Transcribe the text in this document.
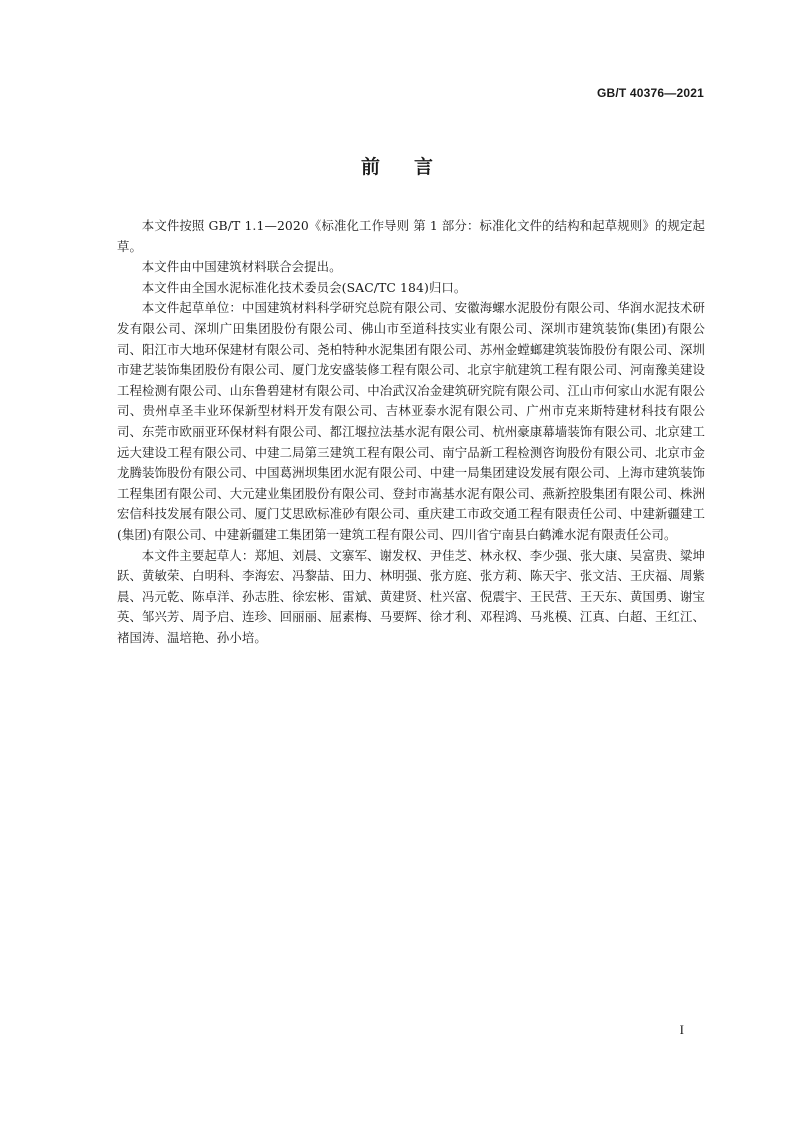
GB/T 40376—2021
前言

本文件按照 GB/T 1.1—2020《标准化工作导则 第 1 部分：标准化文件的结构和起草规则》的规定起草。

本文件由中国建筑材料联合会提出。

本文件由全国水泥标准化技术委员会(SAC/TC 184)归口。

本文件起草单位：中国建筑材料科学研究总院有限公司、安徽海螺水泥股份有限公司、华润水泥技术研发有限公司、深圳广田集团股份有限公司、佛山市至道科技实业有限公司、深圳市建筑装饰(集团)有限公司、阳江市大地环保建材有限公司、尧柏特种水泥集团有限公司、苏州金螳螂建筑装饰股份有限公司、深圳市建艺装饰集团股份有限公司、厦门龙安盛装修工程有限公司、北京宇航建筑工程有限公司、河南豫美建设工程检测有限公司、山东鲁碧建材有限公司、中冶武汉冶金建筑研究院有限公司、江山市何家山水泥有限公司、贵州卓圣丰业环保新型材料开发有限公司、吉林亚泰水泥有限公司、广州市克来斯特建材科技有限公司、东莞市欧丽亚环保材料有限公司、都江堰拉法基水泥有限公司、杭州豪康幕墙装饰有限公司、北京建工远大建设工程有限公司、中建二局第三建筑工程有限公司、南宁品新工程检测咨询股份有限公司、北京市金龙腾装饰股份有限公司、中国葛洲坝集团水泥有限公司、中建一局集团建设发展有限公司、上海市建筑装饰工程集团有限公司、大元建业集团股份有限公司、登封市嵩基水泥有限公司、燕新控股集团有限公司、株洲宏信科技发展有限公司、厦门艾思欧标准砂有限公司、重庆建工市政交通工程有限责任公司、中建新疆建工(集团)有限公司、中建新疆建工集团第一建筑工程有限公司、四川省宁南县白鹤滩水泥有限责任公司。

本文件主要起草人：郑旭、刘晨、文寨军、谢发权、尹佳芝、林永权、李少强、张大康、吴富贵、粱坤跃、黄敏荣、白明科、李海宏、冯黎喆、田力、林明强、张方庭、张方莉、陈天宇、张文洁、王庆福、周紫晨、冯元乾、陈卓洋、孙志胜、徐宏彬、雷斌、黄建贤、杜兴富、倪震宇、王民营、王天东、黄国勇、谢宝英、邹兴芳、周予启、连珍、回丽丽、屈素梅、马要辉、徐才利、邓程鸿、马兆模、江真、白超、王红江、褚国涛、温培艳、孙小培。

I
